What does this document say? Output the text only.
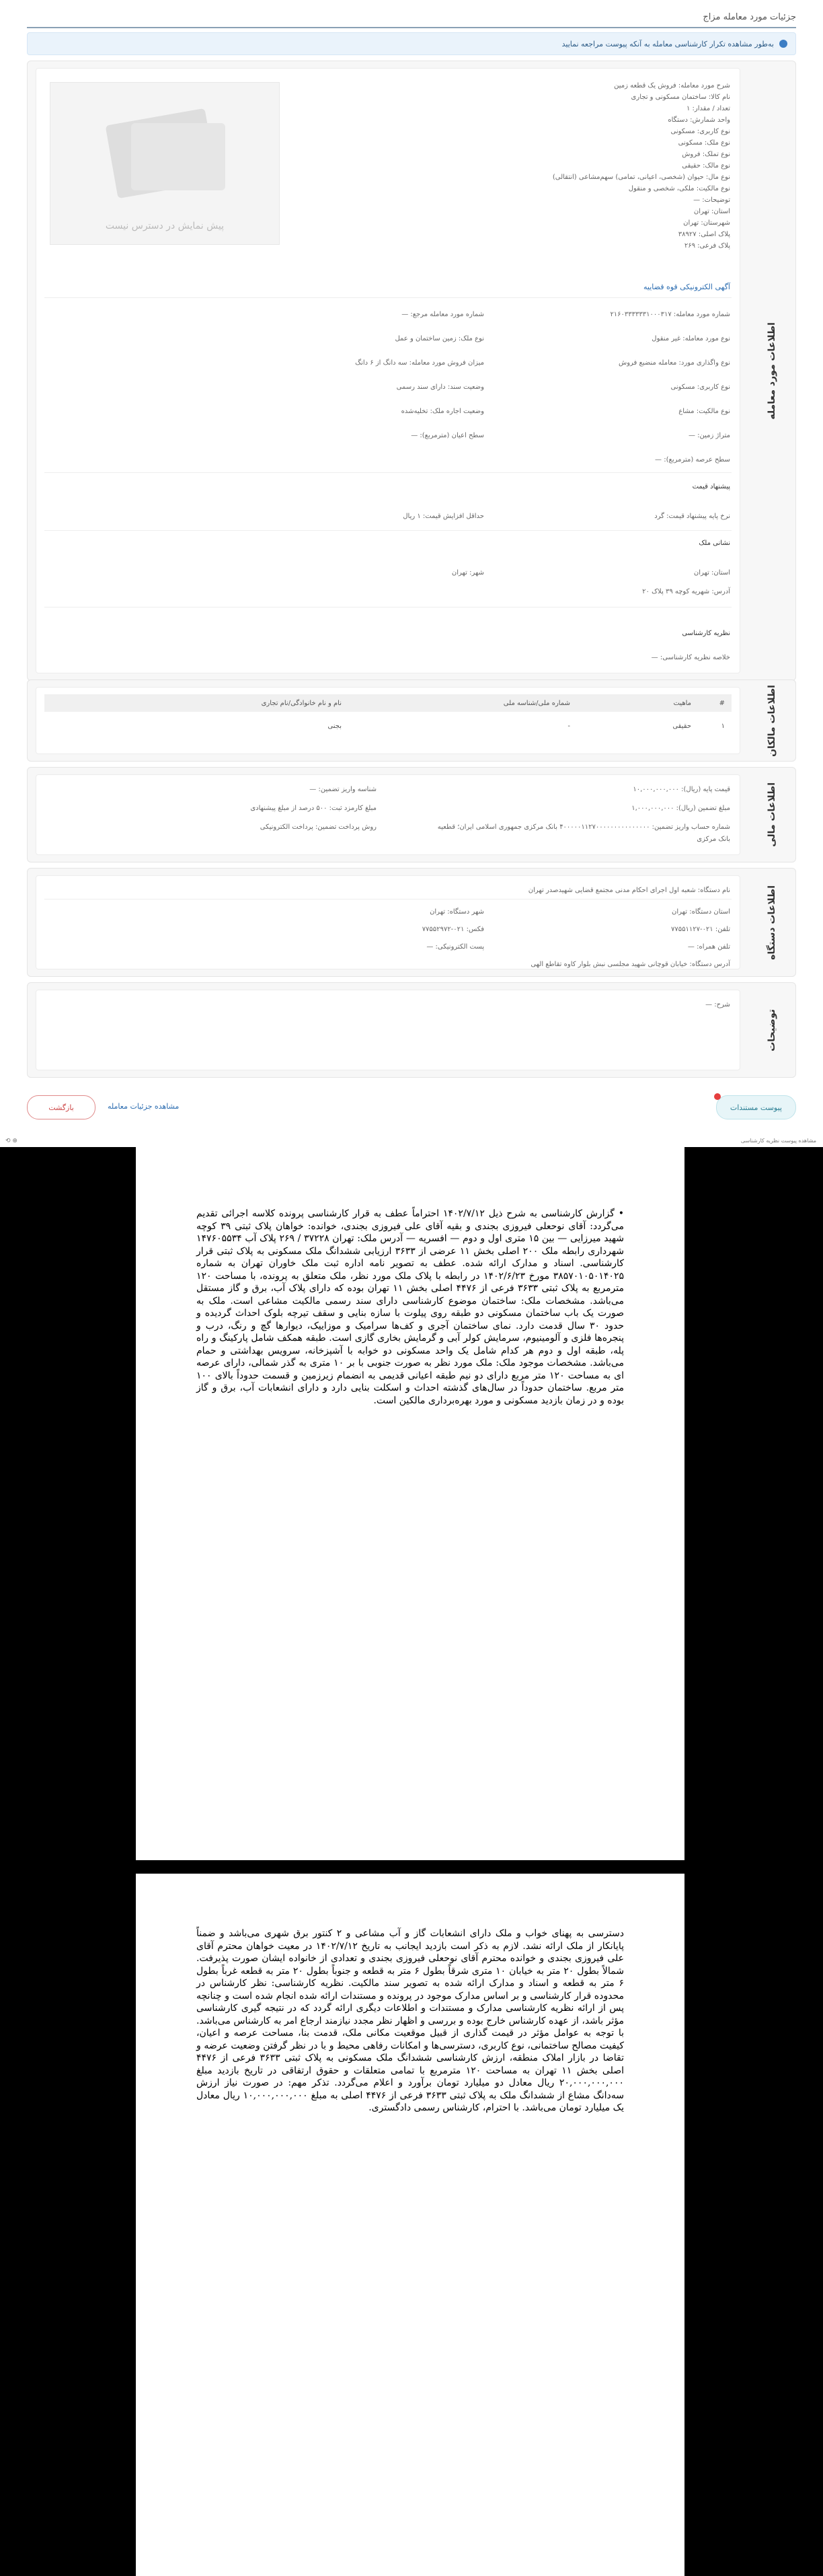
جزئیات مورد معامله مزاج
به‌طور مشاهده تکرار کارشناسی معامله به آنکه پیوست مراجعه نمایید
اطلاعات مورد معامله
پیش نمایش در دسترس نیست
شرح مورد معامله: فروش یک قطعه زمین
نام کالا: ساختمان مسکونی و تجاری
تعداد / مقدار: ۱
واحد شمارش: دستگاه
نوع کاربری: مسکونی
نوع ملک: مسکونی
نوع تملک: فروش
نوع مالک: حقیقی
نوع مال: حیوان (شخصی، اعیانی، تمامی) سهم‌مشاعی (انتقالی)
نوع مالکیت: ملکی، شخصی و منقول
توضیحات: —
استان: تهران
شهرستان: تهران
پلاک اصلی: ۳۸۹۲۷
پلاک فرعی: ۲۶۹
آگهی الکترونیکی قوه قضاییه
شماره مورد معامله: ۲۱۶۰۳۳۳۳۳۳۱۰۰۰۳۱۷
نوع مورد معامله: غیر منقول
نوع واگذاری مورد: معامله منضبع فروش
نوع کاربری: مسکونی
نوع مالکیت: مشاع
متراژ زمین: —
سطح عرصه (مترمربع): —
شماره مورد معامله مرجع: —
نوع ملک: زمین ساختمان و عمل
میزان فروش مورد معامله: سه دانگ از ۶ دانگ
وضعیت سند: دارای سند رسمی
وضعیت اجاره ملک: تخلیه‌شده
سطح اعیان (مترمربع): —
پیشنهاد قیمت
نرخ پایه پیشنهاد قیمت: گرد
حداقل افزایش قیمت: ۱ ریال
نشانی ملک
استان: تهران
شهر: تهران
آدرس: شهریه کوچه ۳۹ پلاک ۲۰
نظریه کارشناسی
خلاصه نظریه کارشناسی: —
اطلاعات مالکان
#
ماهیت
شماره ملی/شناسه ملی
نام و نام خانوادگی/نام تجاری
۱
حقیقی
-
بجنی
اطلاعات مالی
قیمت پایه (ریال): ۱۰,۰۰۰,۰۰۰,۰۰۰
مبلغ تضمین (ریال): ۱,۰۰۰,۰۰۰,۰۰۰
شماره حساب واریز تضمین: ۴۰۰۰۰۰۱۱۲۷۰۰۰۰۰۰۰۰۰۰۰۰۰۰۰ بانک مرکزی جمهوری اسلامی ایران؛ قطعیه
بانک مرکزی
شناسه واریز تضمین: —
مبلغ کارمزد ثبت: ۵۰۰ درصد از مبلغ پیشنهادی
روش پرداخت تضمین: پرداخت الکترونیکی
اطلاعات دستگاه
نام دستگاه: شعبه اول اجرای احکام مدنی مجتمع قضایی شهیدصدر تهران
استان دستگاه: تهران
تلفن: ۰۲۱-۷۷۵۵۱۱۲۷
تلفن همراه: —
آدرس دستگاه: خیابان قوچانی شهید مجلسی نبش بلوار کاوه تقاطع الهی
شهر دستگاه: تهران
فکس: ۰۲۱-۷۷۵۵۲۹۷۲
پست الکترونیکی: —
توضیحات
شرح: —
پیوست مستندات
مشاهده جزئیات معامله
بازگشت
مشاهده پیوست نظریه کارشناسی
⟲ ⊕
• گزارش کارشناسی به شرح ذیل ۱۴۰۲/۷/۱۲ احتراماً عطف به قرار کارشناسی پرونده کلاسه اجرائی تقدیم می‌گردد: آقای نوحعلی فیروزی بجندی و بقیه آقای علی فیروزی بجندی، خوانده: خواهان پلاک ثبتی ۳۹ کوچه شهید میرزایی — بین ۱۵ متری اول و دوم — افسریه — آدرس ملک: تهران ۳۷۲۲۸ / ۲۶۹ پلاک آب ۱۴۷۶۰۵۵۳۴ شهرداری رابطه ملک ۲۰۰ اصلی بخش ۱۱ عرضی از ۳۶۳۳ ارزیابی ششدانگ ملک مسکونی به پلاک ثبتی قرار کارشناسی. اسناد و مدارک ارائه شده. عطف به تصویر نامه اداره ثبت ملک خاوران تهران به شماره ۳۸۵۷۰۱۰۵۰۱۴۰۲۵ مورخ ۱۴۰۲/۶/۲۳ در رابطه با پلاک ملک مورد نظر، ملک متعلق به پرونده، با مساحت ۱۲۰ مترمربع به پلاک ثبتی ۳۶۳۳ فرعی از ۴۴۷۶ اصلی بخش ۱۱ تهران بوده که دارای پلاک آب، برق و گاز مستقل می‌باشد. مشخصات ملک: ساختمان موضوع کارشناسی دارای سند رسمی مالکیت مشاعی است. ملک به صورت یک باب ساختمان مسکونی دو طبقه روی پیلوت با سازه بنایی و سقف تیرچه بلوک احداث گردیده و حدود ۳۰ سال قدمت دارد. نمای ساختمان آجری و کف‌ها سرامیک و موزاییک، دیوارها گچ و رنگ، درب و پنجره‌ها فلزی و آلومینیوم، سرمایش کولر آبی و گرمایش بخاری گازی است. طبقه همکف شامل پارکینگ و راه پله، طبقه اول و دوم هر کدام شامل یک واحد مسکونی دو خوابه با آشپزخانه، سرویس بهداشتی و حمام می‌باشد. مشخصات موجود ملک: ملک مورد نظر به صورت جنوبی با بر ۱۰ متری به گذر شمالی، دارای عرصه ای به مساحت ۱۲۰ متر مربع دارای دو نیم طبقه اعیانی قدیمی به انضمام زیرزمین و قسمت حدوداً بالای ۱۰۰ متر مربع. ساختمان حدوداً در سال‌های گذشته احداث و اسکلت بنایی دارد و دارای انشعابات آب، برق و گاز بوده و در زمان بازدید مسکونی و مورد بهره‌برداری مالکین است.
دسترسی به پهنای خواب و ملک دارای انشعابات گاز و آب مشاعی و ۲ کنتور برق شهری می‌باشد و ضمناً پایانکار از ملک ارائه نشد. لازم به ذکر است بازدید ایجانب به تاریخ ۱۴۰۲/۷/۱۲ در معیت خواهان محترم آقای علی فیروزی بجندی و خوانده محترم آقای نوحعلی فیروزی بجندی و تعدادی از خانواده ایشان صورت پذیرفت. شمالاً بطول ۲۰ متر به خیابان ۱۰ متری شرقاً بطول ۶ متر به قطعه و جنوباً بطول ۲۰ متر به قطعه غرباً بطول ۶ متر به قطعه و اسناد و مدارک ارائه شده به تصویر سند مالکیت. نظریه کارشناسی: نظر کارشناس در محدوده قرار کارشناسی و بر اساس مدارک موجود در پرونده و مستندات ارائه شده انجام شده است و چنانچه پس از ارائه نظریه کارشناسی مدارک و مستندات و اطلاعات دیگری ارائه گردد که در نتیجه گیری کارشناسی مؤثر باشد، از عهده کارشناس خارج بوده و بررسی و اظهار نظر مجدد نیازمند ارجاع امر به کارشناس می‌باشد. با توجه به عوامل مؤثر در قیمت گذاری از قبیل موقعیت مکانی ملک، قدمت بنا، مساحت عرصه و اعیان، کیفیت مصالح ساختمانی، نوع کاربری، دسترسی‌ها و امکانات رفاهی محیط و با در نظر گرفتن وضعیت عرضه و تقاضا در بازار املاک منطقه، ارزش کارشناسی ششدانگ ملک مسکونی به پلاک ثبتی ۳۶۳۳ فرعی از ۴۴۷۶ اصلی بخش ۱۱ تهران به مساحت ۱۲۰ مترمربع با تمامی متعلقات و حقوق ارتفاقی در تاریخ بازدید مبلغ ۲۰,۰۰۰,۰۰۰,۰۰۰ ریال معادل دو میلیارد تومان برآورد و اعلام می‌گردد. تذکر مهم: در صورت نیاز ارزش سه‌دانگ مشاع از ششدانگ ملک به پلاک ثبتی ۳۶۳۳ فرعی از ۴۴۷۶ اصلی به مبلغ ۱۰,۰۰۰,۰۰۰,۰۰۰ ریال معادل یک میلیارد تومان می‌باشد. با احترام، کارشناس رسمی دادگستری.
